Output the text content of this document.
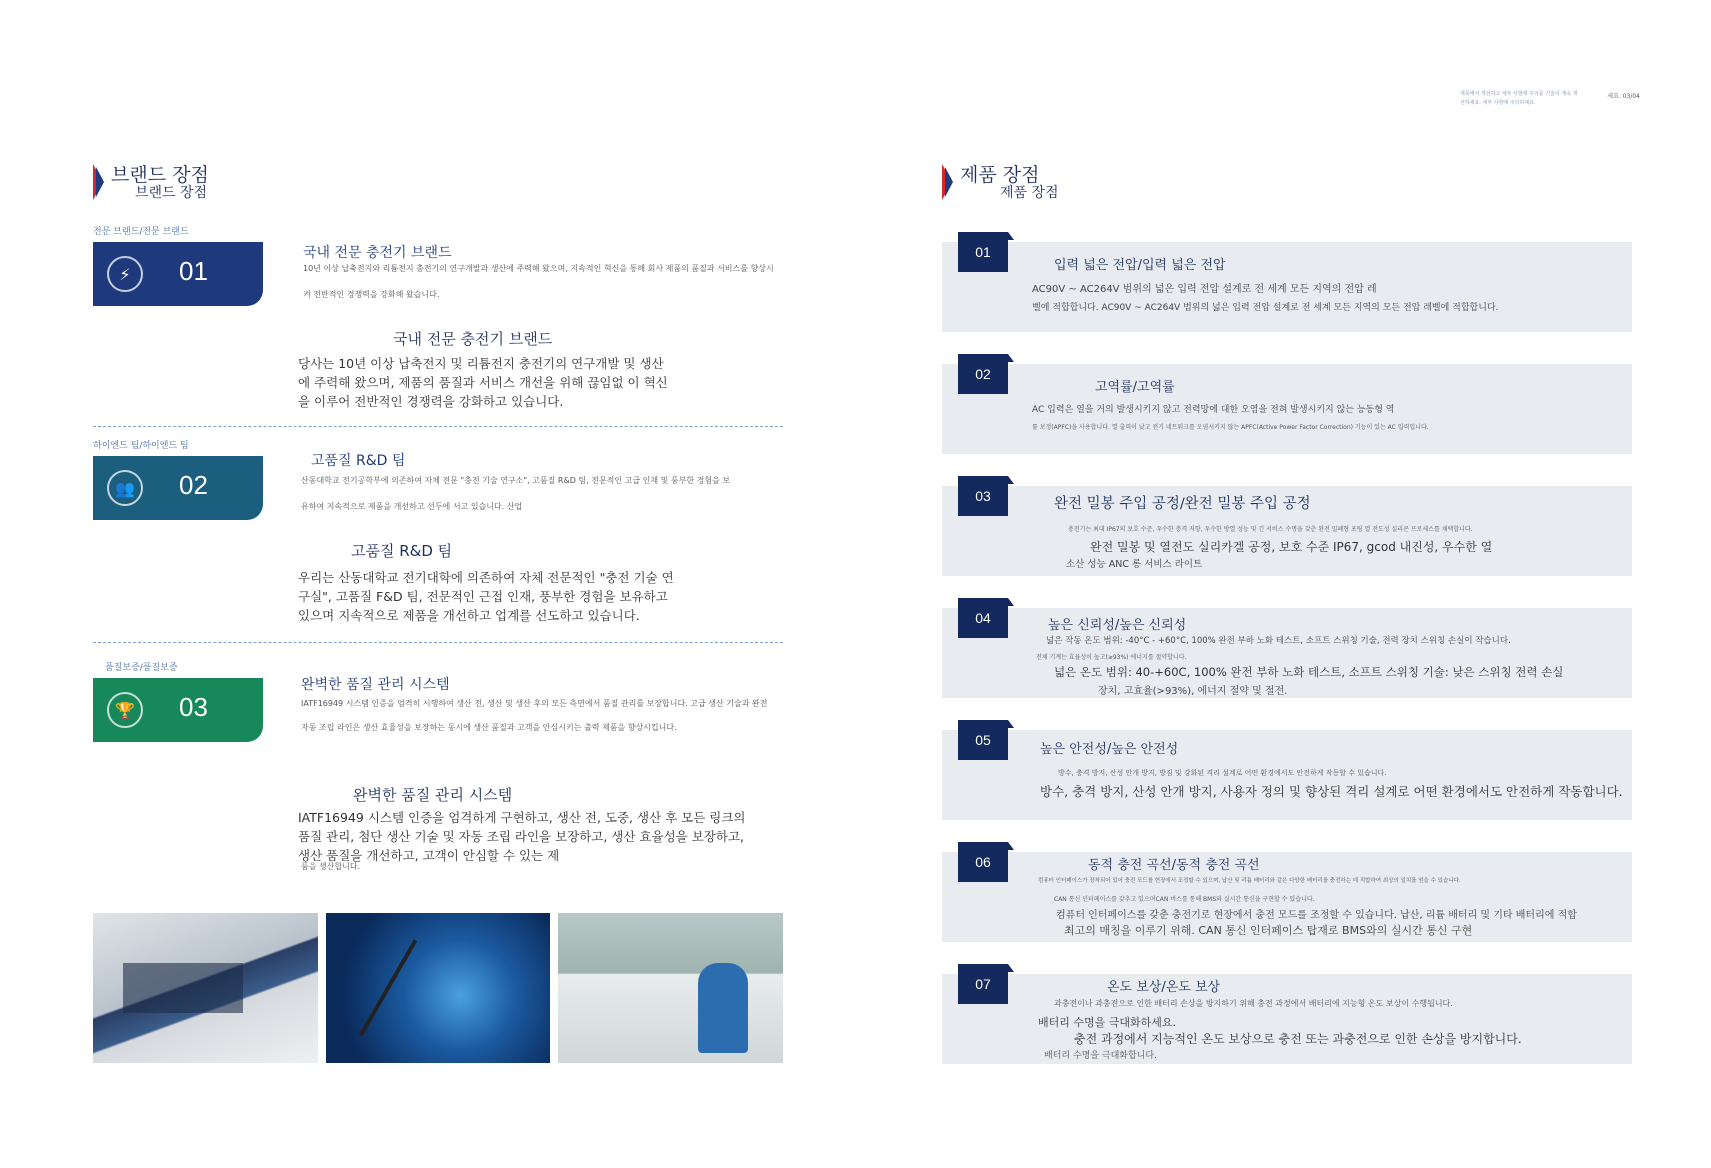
제목에서 개선하고 세부 사항에 주의를 기울이 계속 개선하세요. 세부 사항에 주의하세요.
세요. 03/04
브랜드 장점
브랜드 장점
전문 브랜드/전문 브랜드
⚡	01
국내 전문 충전기 브랜드
10년 이상 납축전지와 리튬전지 충전기의 연구개발과 생산에 주력해 왔으며, 지속적인 혁신을 통해 회사 제품의 품질과 서비스를 향상시켜 전반적인 경쟁력을 강화해 왔습니다.
국내 전문 충전기 브랜드
당사는 10년 이상 납축전지 및 리튬전지 충전기의 연구개발 및 생산에 주력해 왔으며, 제품의 품질과 서비스 개선을 위해 끊임없 이 혁신을 이루어 전반적인 경쟁력을 강화하고 있습니다.
하이엔드 팀/하이엔드 팀
👥	02
고품질 R&D 팀
산동대학교 전기공학부에 의존하여 자체 전문 "충전 기술 연구소", 고품질 R&D 팀, 전문적인 고급 인재 및 풍부한 경험을 보유하여 지속적으로 제품을 개선하고 선두에 서고 있습니다. 산업
고품질 R&D 팀
우리는 산동대학교 전기대학에 의존하여 자체 전문적인 "충전 기술 연구실", 고품질 F&D 팀, 전문적인 근접 인재, 풍부한 경험을 보유하고 있으며 지속적으로 제품을 개선하고 업계를 선도하고 있습니다.
품질보증/품질보증
🏆	03
완벽한 품질 관리 시스템
IATF16949 시스템 인증을 엄격히 시행하여 생산 전, 생산 및 생산 후의 모든 측면에서 품질 관리를 보장합니다. 고급 생산 기술과 완전 자동 조립 라인은 생산 효율성을 보장하는 동시에 생산 품질과 고객을 안심시키는 출력 제품을 향상시킵니다.
완벽한 품질 관리 시스템
IATF16949 시스템 인증을 엄격하게 구현하고, 생산 전, 도중, 생산 후 모든 링크의 품질 관리, 첨단 생산 기술 및 자동 조립 라인을 보장하고, 생산 효율성을 보장하고, 생산 품질을 개선하고, 고객이 안심할 수 있는 제
품을 생산합니다.
제품 장점
제품 장점
01
입력 넓은 전압/입력 넓은 전압
AC90V ~ AC264V 범위의 넓은 입력 전압 설계로 전 세계 모든 지역의 전압 레
벨에 적합합니다. AC90V ~ AC264V 범위의 넓은 입력 전압 설계로 전 세계 모든 지역의 모든 전압 레벨에 적합합니다.
02
고역률/고역률
AC 입력은 열을 거의 발생시키지 않고 전력망에 대한 오염을 전혀 발생시키지 않는 능동형 역
률 보정(APFC)을 사용합니다. 열 출력이 낮고 전기 네트워크를 오염시키지 않는 APFC(Active Power Factor Correction) 기능이 있는 AC 입력입니다.
03	완전 밀봉 주입 공정/완전 밀봉 주입 공정
충전기는 최대 IP67의 보호 수준, 우수한 충격 저항, 우수한 방열 성능 및 긴 서비스 수명을 갖춘 완전 밀폐형 포팅 열 전도성 실리콘 프로세스를 채택합니다.
완전 밀봉 및 열전도 실리카겔 공정, 보호 수준 IP67, gcod 내진성, 우수한 열
소산 성능 ANC 롱 서비스 라이트
04	높은 신뢰성/높은 신뢰성
넓은 작동 온도 범위: -40°C - +60°C, 100% 완전 부하 노화 테스트, 소프트 스위칭 기술, 전력 장치 스위칭 손실이 작습니다.
전체 기계는 효율성이 높고(≥93%) 에너지를 절약합니다.
넓은 온도 범위: 40-+60C, 100% 완전 부하 노화 테스트, 소프트 스위칭 기술: 낮은 스위칭 전력 손실
장치, 고효율(>93%), 에너지 절약 및 절전.
05
높은 안전성/높은 안전성
방수, 충격 방지, 산성 안개 방지, 방짐 및 강화된 격리 설계로 어떤 환경에서도 안전하게 작동할 수 있습니다.
방수, 충격 방지, 산성 안개 방지, 사용자 정의 및 향상된 격리 설계로 어떤 환경에서도 안전하게 작동합니다.
06	동적 충전 곡선/동적 충전 곡선
컴퓨터 인터페이스가 장착되어 있어 충전 모드를 현장에서 조정할 수 있으며, 납산 및 리튬 배터리와 같은 다양한 배터리를 충전하는 데 적합하여 최상의 일치를 얻을 수 있습니다.
CAN 통신 인터페이스를 갖추고 있으며CAN 버스를 통해 BMS와 실시간 통신을 구현할 수 있습니다.
컴퓨터 인터페이스를 갖춘 충전기로 현장에서 충전 모드를 조정할 수 있습니다. 납산, 리튬 배터리 및 기타 배터리에 적합
최고의 매칭을 이루기 위해. CAN 통신 인터페이스 탑재로 BMS와의 실시간 통신 구현
07	온도 보상/온도 보상
과충전이나 과충전으로 인한 배터리 손상을 방지하기 위해 충전 과정에서 배터리에 지능형 온도 보상이 수행됩니다.
배터리 수명을 극대화하세요.
충전 과정에서 지능적인 온도 보상으로 충전 또는 과충전으로 인한 손상을 방지합니다.
배터리 수명을 극대화합니다.
